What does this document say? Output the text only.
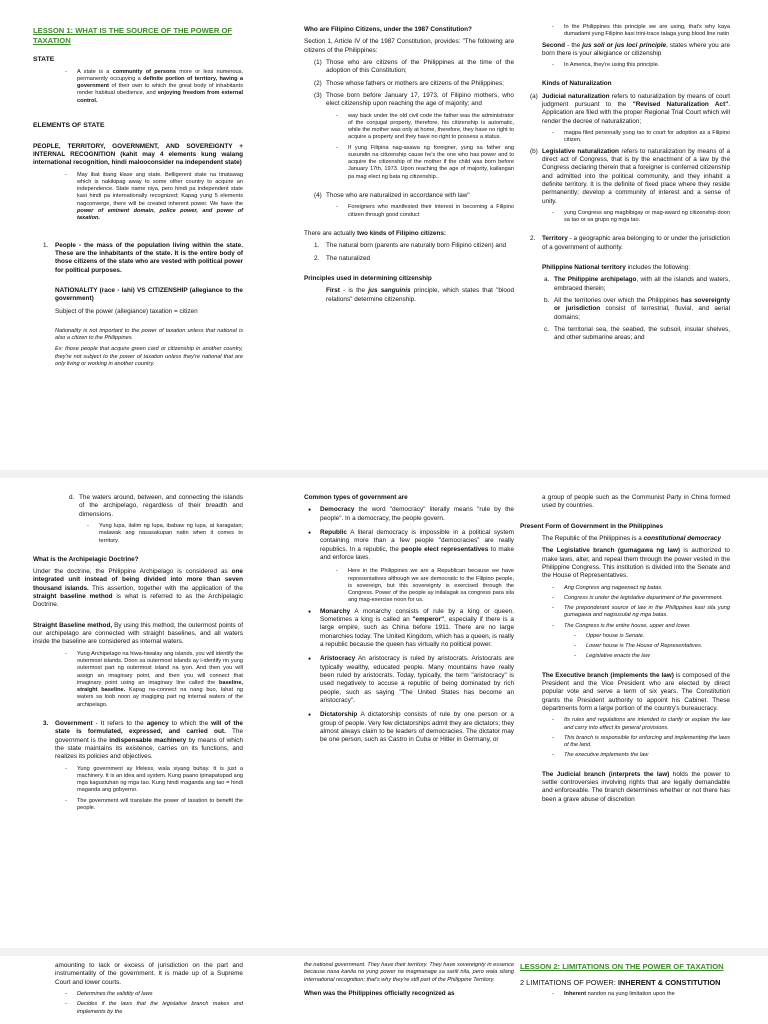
LESSON 1: WHAT IS THE SOURCE OF THE POWER OF TAXATION
STATE

- A state is a community of persons more or less numerous, permanently occupying a definite portion of territory, having a government of their own to which the great body of inhabitants render habitual obedience, and enjoying freedom from external control.

ELEMENTS OF STATE

PEOPLE, TERRITORY, GOVERNMENT, AND SOVEREIGNTY + INTERNAL RECOGNITION (kahit may 4 elements kung walang international recognition, hindi malooconsider na independent state)

- May ibat ibang klase ang state. Belligerent state na tinatawag which is nakikipag away to some other country to acquire an independence. State name niya, pero hindi pa independent state kasi hindi pa internationally recognized; Kapag yung 5 elements nagconverge, there will be created inherent power. We have the power of eminent domain, police power, and power of taxation.

1. People - the mass of the population living within the state. These are the inhabitants of the state. It is the entire body of those citizens of the state who are vested with political power for political purposes.

NATIONALITY (race - lahi) VS CITIZENSHIP (allegiance to the government)

Subject of the power (allegiance) taxation = citizen

Nationality is not important to the power of taxation unless that national is also a citizen to the Philippines.

Ex: those people that acquire green card or citizenship in another country, they're not subject to the power of taxation unless they're national that are only living or working in another country.

Who are Filipino Citizens, under the 1987 Constitution?

Section 1, Article IV of the 1987 Constitution, provides: "The following are citizens of the Philippines:

(1) Those who are citizens of the Philippines at the time of the adoption of this Constitution;

(2) Those whose fathers or mothers are citizens of the Philippines;

(3) Those born before January 17, 1973, of Filipino mothers, who elect citizenship upon reaching the age of majority; and

- way back under the old civil code the father was the administrator of the conjugal property, therefore, his citizenship is automatic, while the mother was only at home, therefore, they have no right to acquire a property and they have no right to possess a status.

- If yung Filipina nag-asawa ng foreigner, yung sa father ang susundin na citizenship cause he's the one who has power and to acquire the citizenship of the mother if the child was born before January 17th, 1973. Upon reaching the age of majority, kailangan pa mag elect ng bata ng citizenship..

(4) Those who are naturalized in accordance with law"

- Foreigners who manifested their interest in becoming a Filipino citizen through good conduct

There are actually two kinds of Filipino citizens:

1. The natural born (parents are naturally born Filipino citizen) and

2. The naturalized

Principles used in determining citizenship

First - is the jus sanguinis principle, which states that "blood relations" determine citizenship.

- In the Philippines this principle we are using, that's why kaya dumadami yung Filipino kasi trini-trace talaga yung blood line natin

Second - the jus soli or jus loci principle, states where you are born there is your allegiance or citizenship

- In America, they're using this principle.

Kinds of Naturalization

(a) Judicial naturalization refers to naturalization by means of court judgment pursuant to the "Revised Naturalization Act". Application are filed with the proper Regional Trial Court which will render the decree of naturalization;

- magpa filed personally yung tao to court for adoption as a Filipino citizen.

(b) Legislative naturalization refers to naturalization by means of a direct act of Congress, that is by the enactment of a law by the Congress declaring therein that a foreigner is conferred citizenship and admitted into the political community, and they inhabit a definite territory. It is the definite of fixed place where they reside permanently; develop a community of interest and a sense of unity.

- yung Congress ang magbibigay or mag-award ng citizenship doon sa tao or sa grupo ng mga tao.

2. Territory - a geographic area belonging to or under the jurisdiction of a government of authority.

Philippine National territory includes the following:

a. The Philippine archipelago, with all the islands and waters, embraced therein;

b. All the territories over which the Philippines has sovereignty or jurisdiction consist of terrestrial, fluvial, and aerial domains;

c. The territorial sea, the seabed, the subsoil, insular shelves, and other submarine areas; and

d. The waters around, between, and connecting the islands of the archipelago, regardless of their breadth and dimensions.

- Yung lupa, ilalim ng lupa, ibabaw ng lupa, at karagatan; malawak ang nasasakupan natin when it comes to territory.

What is the Archipelagic Doctrine?

Under the doctrine, the Philippine Archipelago is considered as one integrated unit instead of being divided into more than seven thousand islands. This assertion, together with the application of the straight baseline method is what is referred to as the Archipelagic Doctrine.

Straight Baseline method, By using this method, the outermost points of our archipelago are connected with straight baselines, and all waters inside the baseline are considered as internal waters.

- Yung Archipelago na hiwa-hiwalay ang islands, you will identify the outermost islands. Doon sa outermost islands ay i-identify rin yung outermost part ng outermost island na iyon. And then you will assign an imaginary point, and then you will connect that imaginary point using an imaginary line called the baseline, straight baseline. Kapag na-connect na nang buo, lahat ng waters sa loob noon ay magiging part ng internal waters of the archipelago.

3. Government - It refers to the agency to which the will of the state is formulated, expressed, and carried out. The government is the indispensable machinery by means of which the state maintains its existence, carries on its functions, and realizes its policies and objectives.

- Yung government ay lifeless, wala siyang buhay. It is just a machinery. It is an idea and system. Kung paano ipinapatupad ang mga kagustuhan ng mga tao. Kung hindi maganda ang tao = hindi maganda ang gobyerno.

- The government will translate the power of taxation to benefit the people.

Common types of government are

● Democracy the word "democracy" literally means "rule by the people". In a democracy, the people govern.

● Republic A literal democracy is impossible in a political system containing more than a few people "democracies" are really republics. In a republic, the people elect representatives to make and enforce laws.

- Here in the Philippines we are a Republican because we have representatives although we are democratic to the Filipino people, is sovereign, but this sovereignty is exercised through the Congress. Power of the people ay inilalagak sa congress para sila ang mag-exercise noon for us.

● Monarchy A monarchy consists of rule by a king or queen. Sometimes a king is called an "emperor", especially if there is a large empire, such as China before 1911. There are no large monarchies today. The United Kingdom, which has a queen, is really a republic because the queen has virtually no political power.

● Aristocracy An aristocracy is ruled by aristocrats. Aristocrats are typically wealthy, educated people. Many mountains have really been ruled by aristocrats. Today, typically, the term "aristocracy" is used negatively to accuse a republic of being dominated by rich people, such as saying "The United States has become an aristocracy".

● Dictatorship A dictatorship consists of rule by one person or a group of people. Very few dictatorships admit they are dictators; they almost always claim to be leaders of democracies. The dictator may be one person, such as Castro in Cuba or Hitler in Germany, or

a group of people such as the Communist Party in China formed used by countries.

Present Form of Government in the Philippines

The Republic of the Philippines is a constitutional democracy

The Legislative branch (gumagawa ng law) is authorized to make laws, alter, and repeal them through the power vested in the Philippine Congress. This institution is divided into the Senate and the House of Representatives.

- Ang Congress ang nageenact ng batas.

- Congress is under the legislative department of the government.

- The preponderant source of law in the Philippines kasi sila yung gumagawa and nagsusulat ng mga batas.

- The Congress is the entire house, upper and lower.

- Upper house is Senate.

- Lower house is The House of Representatives.

- Legislative enacts the law

The Executive branch (implements the law) is composed of the President and the Vice President who are elected by direct popular vote and serve a term of six years. The Constitution grants the President authority to appoint his Cabinet. These departments form a large portion of the country's bureaucracy.

- Its rules and regulations are intended to clarify or explain the law and carry into effect its general provisions.

- This branch is responsible for enforcing and implementing the laws of the land.

- The executive implements the law

The Judicial branch (interprets the law) holds the power to settle controversies involving rights that are legally demandable and enforceable. The branch determines whether or not there has been a grave abuse of discretion

amounting to lack or excess of jurisdiction on the part and instrumentality of the government. It is made up of a Supreme Court and lower courts.

- Determines the validity of laws

- Decides if the laws that the legislative branch makes and implements by the

the national government. They have their territory. They have sovereignty in essence because nasa kanila na yung power na magmanage sa sarili nila, pero wala silang international recognition; that's why they're still part of the Philippine Territory.

When was the Philippines officially recognized as

LESSON 2: LIMITATIONS ON THE POWER OF TAXATION

2 LIMITATIONS OF POWER: INHERENT & CONSTITUTION

- Inherent nandon na yung limitation upon the
